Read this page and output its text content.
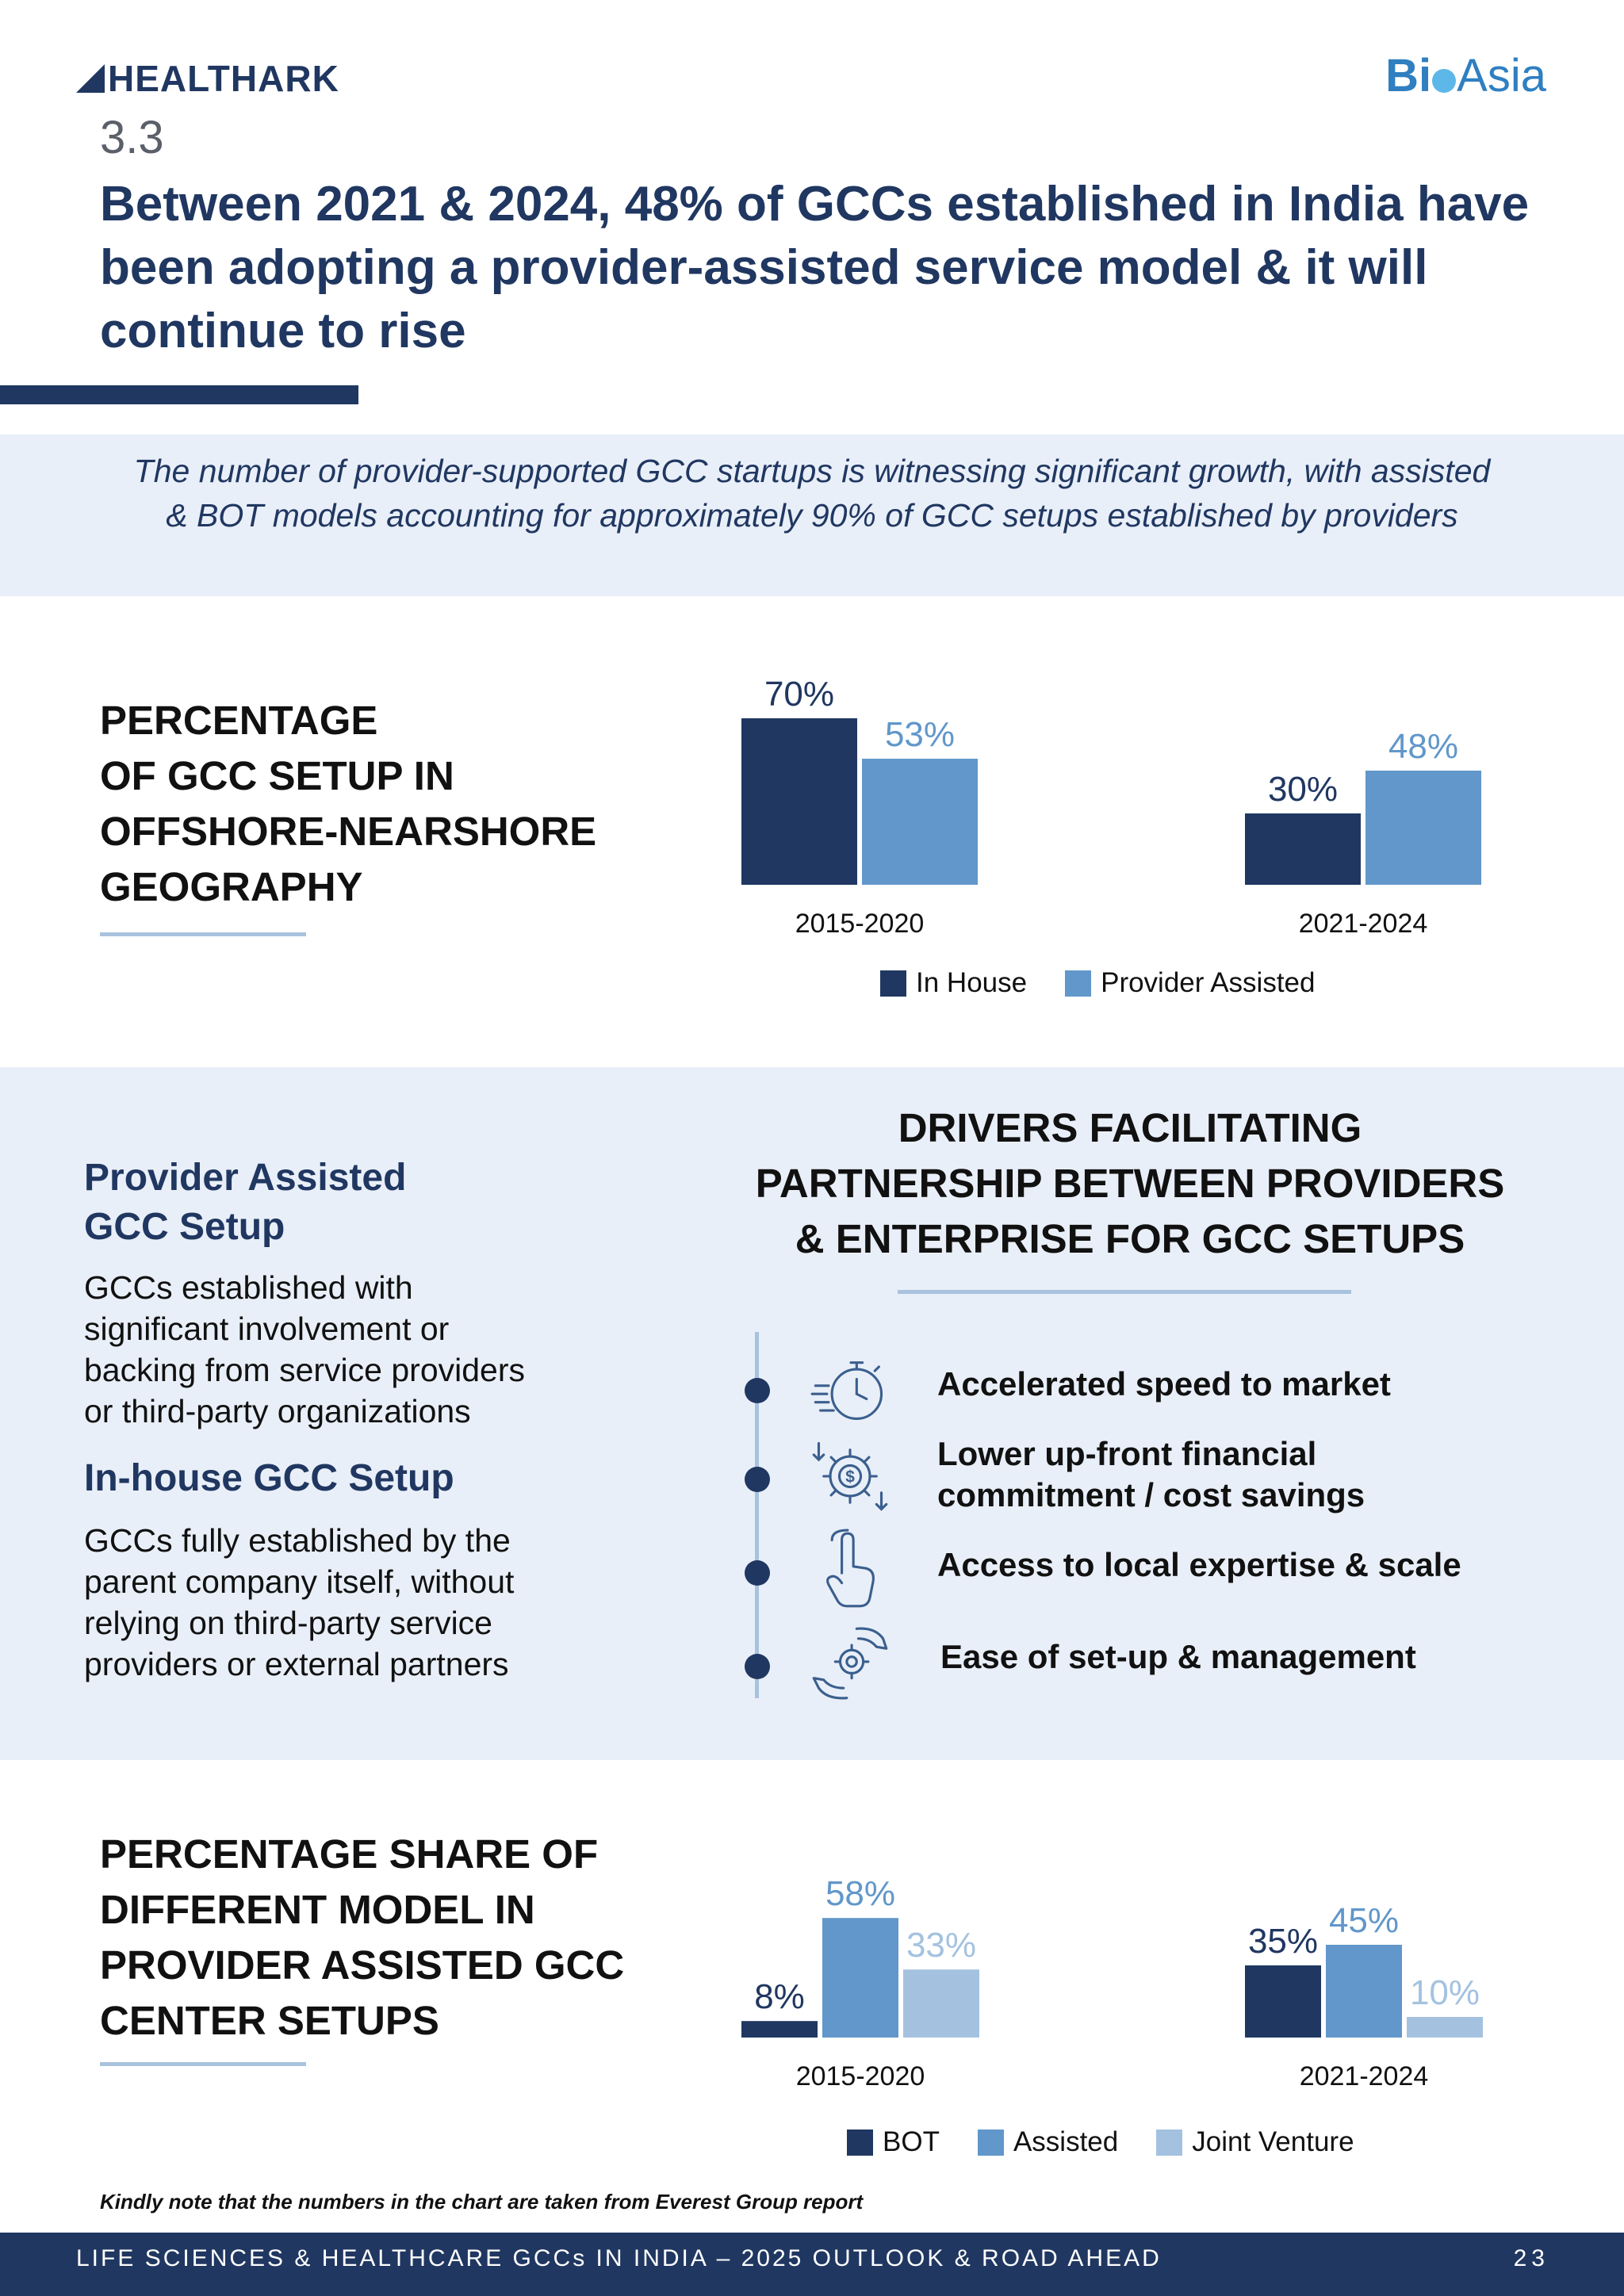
HEALTHARK	Bi Asia
3.3
Between 2021 & 2024, 48% of GCCs established in India have been adopting a provider-assisted service model & it will continue to rise
The number of provider-supported GCC startups is witnessing significant growth, with assisted & BOT models accounting for approximately 90% of GCC setups established by providers
PERCENTAGE
OF GCC SETUP IN
OFFSHORE-NEARSHORE
GEOGRAPHY
70%
53%
2015-2020
30%
48%
2021-2024
In House	Provider Assisted
Provider Assisted
GCC Setup
GCCs established with
significant involvement or
backing from service providers
or third-party organizations
In-house GCC Setup
GCCs fully established by the
parent company itself, without
relying on third-party service
providers or external partners
DRIVERS FACILITATING
PARTNERSHIP BETWEEN PROVIDERS
& ENTERPRISE FOR GCC SETUPS
Accelerated speed to market
$
Lower up-front financial
commitment / cost savings
Access to local expertise & scale
Ease of set-up & management
PERCENTAGE SHARE OF
DIFFERENT MODEL IN
PROVIDER ASSISTED GCC
CENTER SETUPS
8%
58%
33%
2015-2020
35%
45%
10%
2021-2024
BOT	Assisted	Joint Venture
Kindly note that the numbers in the chart are taken from Everest Group report
LIFE SCIENCES & HEALTHCARE GCCs IN INDIA – 2025 OUTLOOK & ROAD AHEAD	23
